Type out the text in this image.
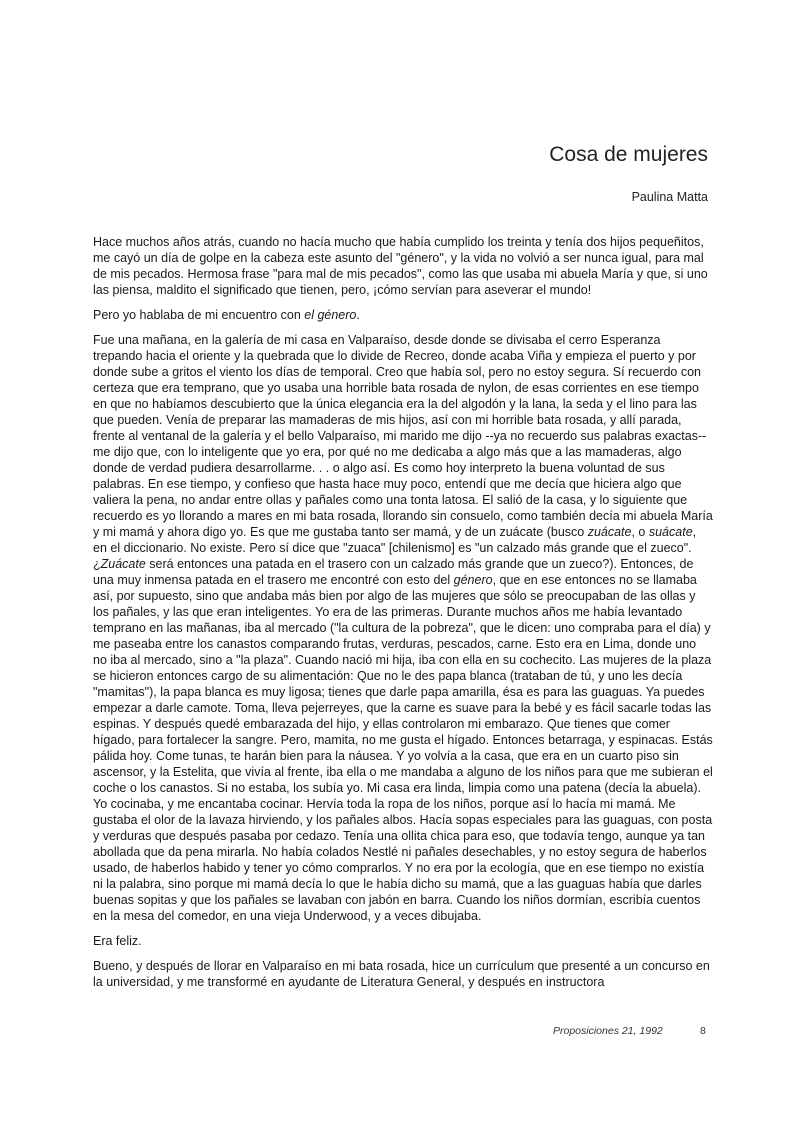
Cosa de mujeres
Paulina Matta

Hace muchos años atrás, cuando no hacía mucho que había cumplido los treinta y tenía dos hijos pequeñitos, me cayó un día de golpe en la cabeza este asunto del "género", y la vida no volvió a ser nunca igual, para mal de mis pecados. Hermosa frase "para mal de mis pecados", como las que usaba mi abuela María y que, si uno las piensa, maldito el significado que tienen, pero, ¡cómo servían para aseverar el mundo!

Pero yo hablaba de mi encuentro con el género.

Fue una mañana, en la galería de mi casa en Valparaíso, desde donde se divisaba el cerro Esperanza trepando hacia el oriente y la quebrada que lo divide de Recreo, donde acaba Viña y empieza el puerto y por donde sube a gritos el viento los días de temporal. Creo que había sol, pero no estoy segura. Sí recuerdo con certeza que era temprano, que yo usaba una horrible bata rosada de nylon, de esas corrientes en ese tiempo en que no habíamos descubierto que la única elegancia era la del algodón y la lana, la seda y el lino para las que pueden. Venía de preparar las mamaderas de mis hijos, así con mi horrible bata rosada, y allí parada, frente al ventanal de la galería y el bello Valparaíso, mi marido me dijo --ya no recuerdo sus palabras exactas-- me dijo que, con lo inteligente que yo era, por qué no me dedicaba a algo más que a las mamaderas, algo donde de verdad pudiera desarrollarme. . . o algo así. Es como hoy interpreto la buena voluntad de sus palabras. En ese tiempo, y confieso que hasta hace muy poco, entendí que me decía que hiciera algo que valiera la pena, no andar entre ollas y pañales como una tonta latosa. El salió de la casa, y lo siguiente que recuerdo es yo llorando a mares en mi bata rosada, llorando sin consuelo, como también decía mi abuela María y mi mamá y ahora digo yo. Es que me gustaba tanto ser mamá, y de un zuácate (busco zuácate, o suácate, en el diccionario. No existe. Pero sí dice que "zuaca" [chilenismo] es "un calzado más grande que el zueco". ¿Zuácate será entonces una patada en el trasero con un calzado más grande que un zueco?). Entonces, de una muy inmensa patada en el trasero me encontré con esto del género, que en ese entonces no se llamaba así, por supuesto, sino que andaba más bien por algo de las mujeres que sólo se preocupaban de las ollas y los pañales, y las que eran inteligentes. Yo era de las primeras. Durante muchos años me había levantado temprano en las mañanas, iba al mercado ("la cultura de la pobreza", que le dicen: uno compraba para el día) y me paseaba entre los canastos comparando frutas, verduras, pescados, carne. Esto era en Lima, donde uno no iba al mercado, sino a "la plaza". Cuando nació mi hija, iba con ella en su cochecito. Las mujeres de la plaza se hicieron entonces cargo de su alimentación: Que no le des papa blanca (trataban de tú, y uno les decía "mamitas"), la papa blanca es muy ligosa; tienes que darle papa amarilla, ésa es para las guaguas. Ya puedes empezar a darle camote. Toma, lleva pejerreyes, que la carne es suave para la bebé y es fácil sacarle todas las espinas. Y después quedé embarazada del hijo, y ellas controlaron mi embarazo. Que tienes que comer hígado, para fortalecer la sangre. Pero, mamita, no me gusta el hígado. Entonces betarraga, y espinacas. Estás pálida hoy. Come tunas, te harán bien para la náusea. Y yo volvía a la casa, que era en un cuarto piso sin ascensor, y la Estelita, que vivía al frente, iba ella o me mandaba a alguno de los niños para que me subieran el coche o los canastos. Si no estaba, los subía yo. Mi casa era linda, limpia como una patena (decía la abuela). Yo cocinaba, y me encantaba cocinar. Hervía toda la ropa de los niños, porque así lo hacía mi mamá. Me gustaba el olor de la lavaza hirviendo, y los pañales albos. Hacía sopas especiales para las guaguas, con posta y verduras que después pasaba por cedazo. Tenía una ollita chica para eso, que todavía tengo, aunque ya tan abollada que da pena mirarla. No había colados Nestlé ni pañales desechables, y no estoy segura de haberlos usado, de haberlos habido y tener yo cómo comprarlos. Y no era por la ecología, que en ese tiempo no existía ni la palabra, sino porque mi mamá decía lo que le había dicho su mamá, que a las guaguas había que darles buenas sopitas y que los pañales se lavaban con jabón en barra. Cuando los niños dormían, escribía cuentos en la mesa del comedor, en una vieja Underwood, y a veces dibujaba.

Era feliz.

Bueno, y después de llorar en Valparaíso en mi bata rosada, hice un currículum que presenté a un concurso en la universidad, y me transformé en ayudante de Literatura General, y después en instructora

Proposiciones 21, 1992	8
